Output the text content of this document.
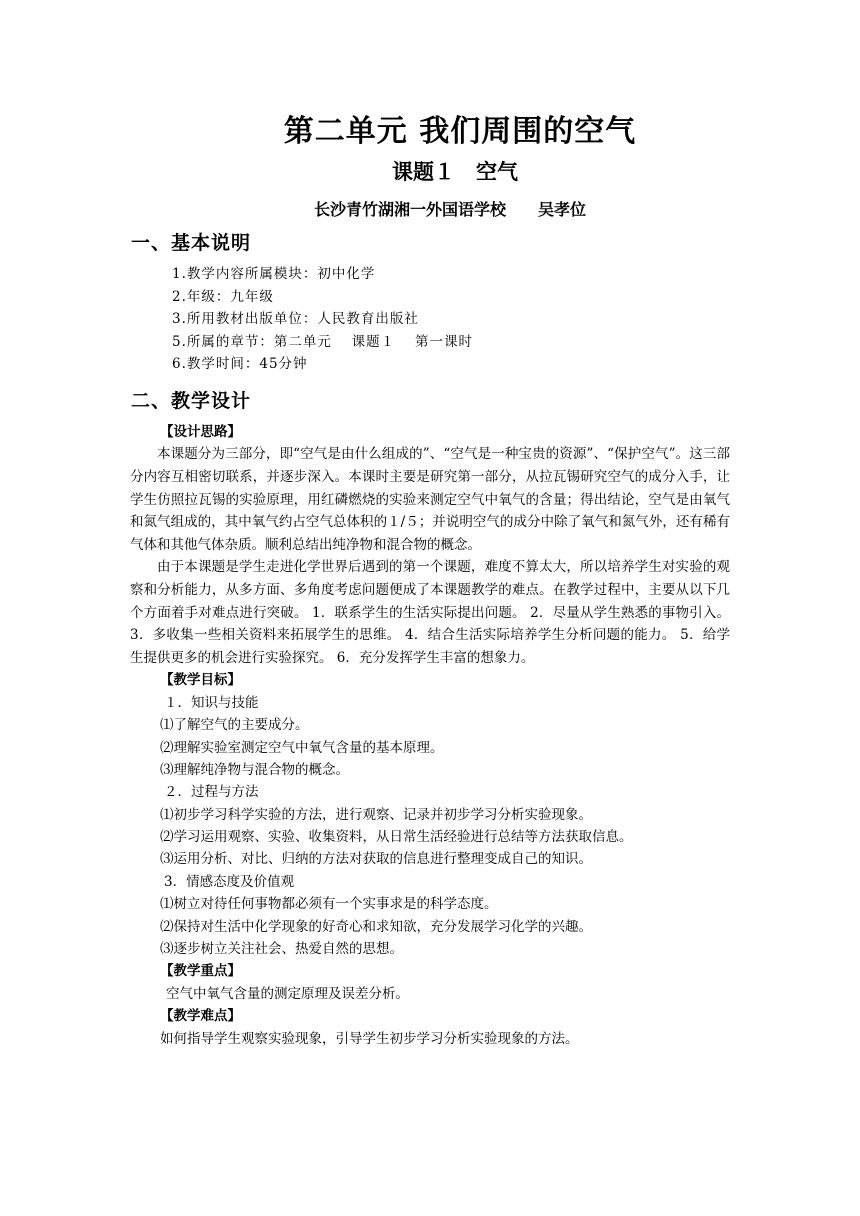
第二单元 我们周围的空气
课题１　空气
长沙青竹湖湘一外国语学校 吴孝位
一、基本说明
1.教学内容所属模块：初中化学
2.年级：九年级
3.所用教材出版单位：人民教育出版社
5.所属的章节：第二单元　 课题１　 第一课时
6.教学时间：45分钟
二、教学设计
【设计思路】
本课题分为三部分，即“空气是由什么组成的”、“空气是一种宝贵的资源”、“保护空气”。这三部分内容互相密切联系，并逐步深入。本课时主要是研究第一部分，从拉瓦锡研究空气的成分入手，让学生仿照拉瓦锡的实验原理，用红磷燃烧的实验来测定空气中氧气的含量；得出结论，空气是由氧气和氮气组成的，其中氧气约占空气总体积的１/５；并说明空气的成分中除了氧气和氮气外，还有稀有气体和其他气体杂质。顺利总结出纯净物和混合物的概念。
由于本课题是学生走进化学世界后遇到的第一个课题，难度不算太大，所以培养学生对实验的观察和分析能力，从多方面、多角度考虑问题便成了本课题教学的难点。在教学过程中，主要从以下几个方面着手对难点进行突破。 1．联系学生的生活实际提出问题。 2．尽量从学生熟悉的事物引入。 3．多收集一些相关资料来拓展学生的思维。 4．结合生活实际培养学生分析问题的能力。 5．给学生提供更多的机会进行实验探究。 6．充分发挥学生丰富的想象力。
【教学目标】
１．知识与技能
⑴了解空气的主要成分。
⑵理解实验室测定空气中氧气含量的基本原理。
⑶理解纯净物与混合物的概念。
２．过程与方法
⑴初步学习科学实验的方法，进行观察、记录并初步学习分析实验现象。
⑵学习运用观察、实验、收集资料，从日常生活经验进行总结等方法获取信息。
⑶运用分析、对比、归纳的方法对获取的信息进行整理变成自己的知识。
3．情感态度及价值观
⑴树立对待任何事物都必须有一个实事求是的科学态度。
⑵保持对生活中化学现象的好奇心和求知欲，充分发展学习化学的兴趣。
⑶逐步树立关注社会、热爱自然的思想。
【教学重点】
空气中氧气含量的测定原理及误差分析。
【教学难点】
如何指导学生观察实验现象，引导学生初步学习分析实验现象的方法。
